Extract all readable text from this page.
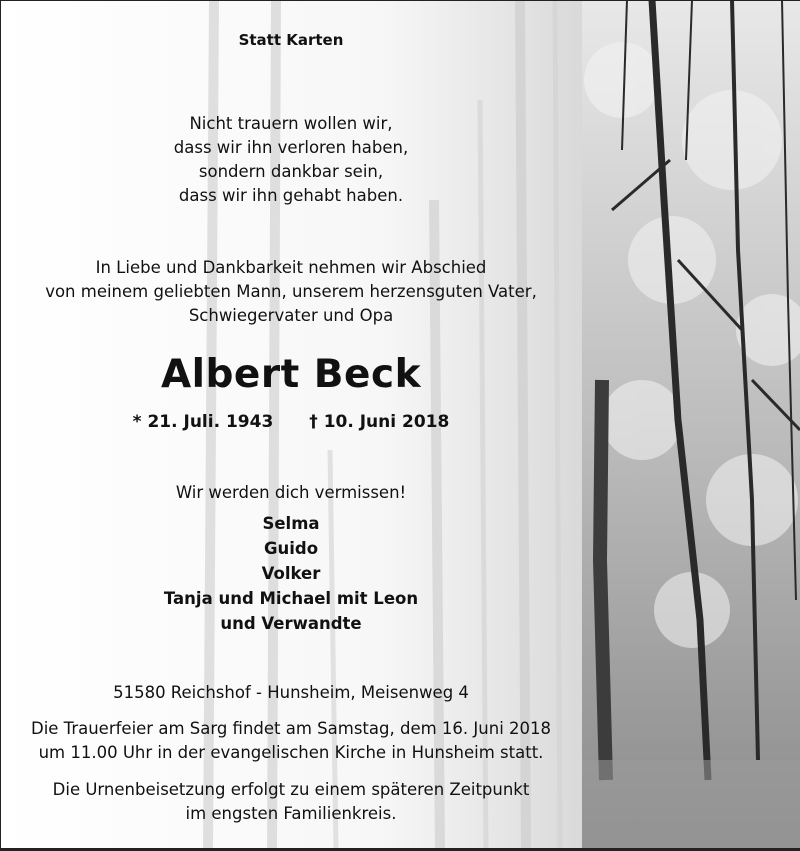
Statt Karten
Nicht trauern wollen wir,
dass wir ihn verloren haben,
sondern dankbar sein,
dass wir ihn gehabt haben.
In Liebe und Dankbarkeit nehmen wir Abschied
von meinem geliebten Mann, unserem herzensguten Vater,
Schwiegervater und Opa
Albert Beck
* 21. Juli. 1943 † 10. Juni 2018
Wir werden dich vermissen!
Selma
Guido
Volker
Tanja und Michael mit Leon
und Verwandte
51580 Reichshof - Hunsheim, Meisenweg 4
Die Trauerfeier am Sarg findet am Samstag, dem 16. Juni 2018
um 11.00 Uhr in der evangelischen Kirche in Hunsheim statt.
Die Urnenbeisetzung erfolgt zu einem späteren Zeitpunkt
im engsten Familienkreis.
